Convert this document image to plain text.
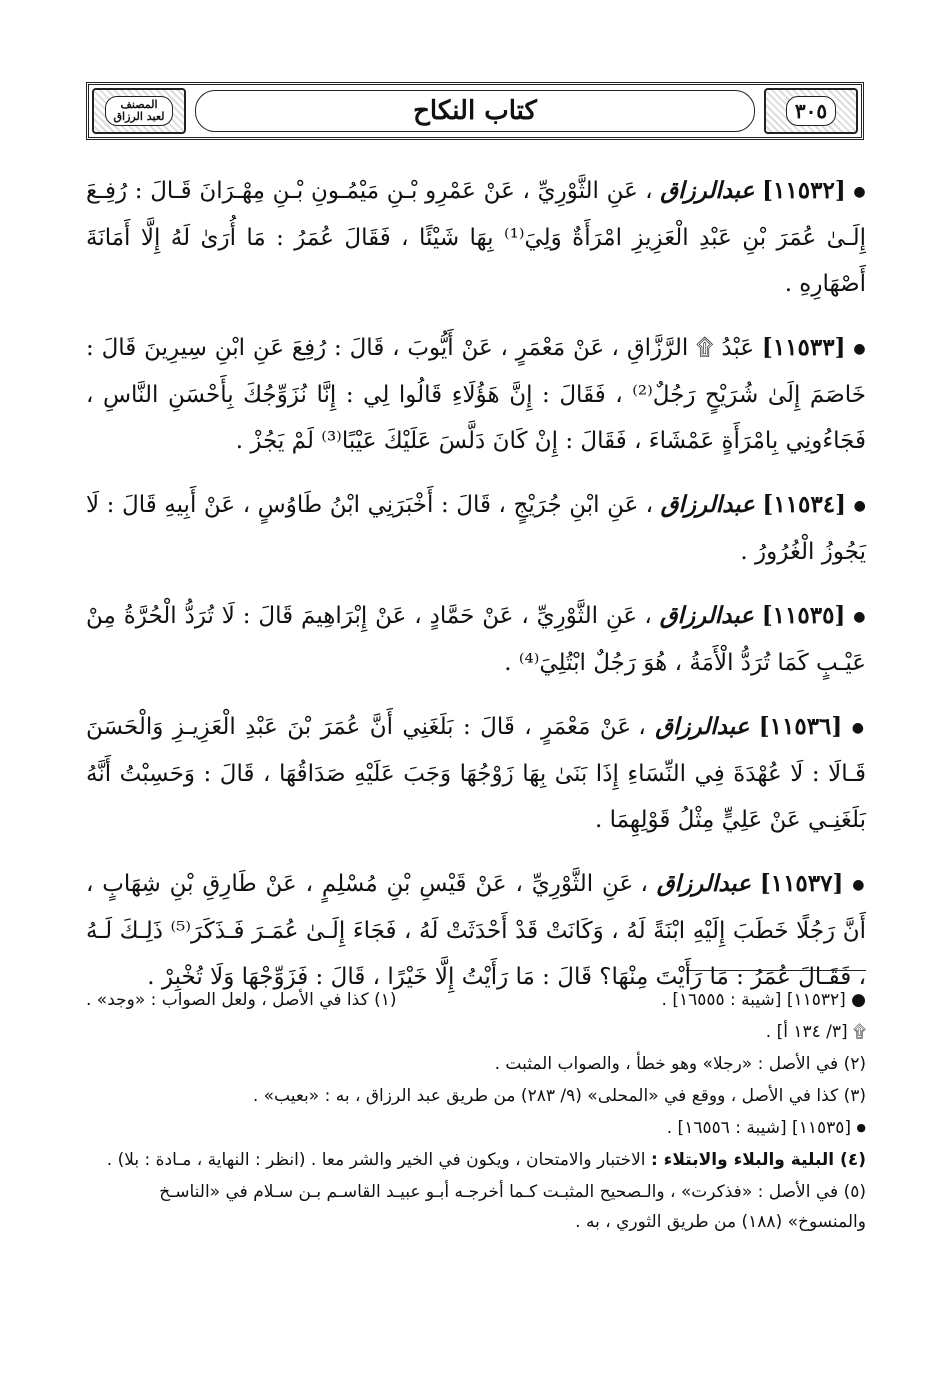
٣٠٥
كتاب النكاح
المصنف
لعبد الرزاق

● [١١٥٣٢] عبدالرزاق ، عَنِ الثَّوْرِيِّ ، عَنْ عَمْرِو بْـنِ مَيْمُـونِ بْـنِ مِهْـرَانَ قَـالَ : رُفِـعَ إِلَـىٰ عُمَرَ بْنِ عَبْدِ الْعَزِيزِ امْرَأَةٌ وَلِيَ⁽¹⁾ بِهَا شَيْئًا ، فَقَالَ عُمَرُ : مَا أُرَىٰ لَهُ إِلَّا أَمَانَةَ أَصْهَارِهِ .

● [١١٥٣٣] عَبْدُ ۩ الرَّزَّاقِ ، عَنْ مَعْمَرٍ ، عَنْ أَيُّوبَ ، قَالَ : رُفِعَ عَنِ ابْنِ سِيرِينَ قَالَ : خَاصَمَ إِلَىٰ شُرَيْحٍ رَجُلٌ⁽²⁾ ، فَقَالَ : إِنَّ هَؤُلَاءِ قَالُوا لِي : إِنَّا نُزَوِّجُكَ بِأَحْسَنِ النَّاسِ ، فَجَاءُونِي بِامْرَأَةٍ عَمْشَاءَ ، فَقَالَ : إِنْ كَانَ دَلَّسَ عَلَيْكَ عَيْبًا⁽³⁾ لَمْ يَجُزْ .

● [١١٥٣٤] عبدالرزاق ، عَنِ ابْنِ جُرَيْجٍ ، قَالَ : أَخْبَرَنِي ابْنُ طَاوُسٍ ، عَنْ أَبِيهِ قَالَ : لَا يَجُوزُ الْغُرُورُ .

● [١١٥٣٥] عبدالرزاق ، عَنِ الثَّوْرِيِّ ، عَنْ حَمَّادٍ ، عَنْ إِبْرَاهِيمَ قَالَ : لَا تُرَدُّ الْحُرَّةُ مِنْ عَيْـبٍ كَمَا تُرَدُّ الْأَمَةُ ، هُوَ رَجُلٌ ابْتُلِيَ⁽⁴⁾ .

● [١١٥٣٦] عبدالرزاق ، عَنْ مَعْمَرٍ ، قَالَ : بَلَغَنِي أَنَّ عُمَرَ بْنَ عَبْدِ الْعَزِيـزِ وَالْحَسَنَ قَـالَا : لَا عُهْدَةَ فِي النِّسَاءِ إِذَا بَنَىٰ بِهَا زَوْجُهَا وَجَبَ عَلَيْهِ صَدَاقُهَا ، قَالَ : وَحَسِبْتُ أَنَّهُ بَلَغَنِـي عَنْ عَلِيٍّ مِثْلُ قَوْلِهِمَا .

● [١١٥٣٧] عبدالرزاق ، عَنِ الثَّوْرِيِّ ، عَنْ قَيْسِ بْنِ مُسْلِمٍ ، عَنْ طَارِقِ بْنِ شِهَابٍ ، أَنَّ رَجُلًا خَطَبَ إِلَيْهِ ابْنَةً لَهُ ، وَكَانَتْ قَدْ أَحْدَثَتْ لَهُ ، فَجَاءَ إِلَـىٰ عُمَـرَ فَـذَكَرَ⁽⁵⁾ ذَلِـكَ لَـهُ ، فَقَـالَ عُمَرُ : مَا رَأَيْتَ مِنْهَا؟ قَالَ : مَا رَأَيْتُ إِلَّا خَيْرًا ، قَالَ : فَزَوِّجْهَا وَلَا تُخْبِرْ .

● [١١٥٣٢] [شيبة : ١٦٥٥٥] .
(١) كذا في الأصل ، ولعل الصواب : «وجد» .
۩ [٣/ ١٣٤ أ] .
(٢) في الأصل : «رجلا» وهو خطأ ، والصواب المثبت .
(٣) كذا في الأصل ، ووقع في «المحلى» (٩/ ٢٨٣) من طريق عبد الرزاق ، به : «بعيب» .
● [١١٥٣٥] [شيبة : ١٦٥٥٦] .
(٤) البلية والبلاء والابتلاء : الاختبار والامتحان ، ويكون في الخير والشر معا . (انظر : النهاية ، مـادة : بلا) .
(٥) في الأصل : «فذكرت» ، والـصحيح المثبـت كـما أخرجـه أبـو عبيـد القاسـم بـن سـلام في «الناسـخ والمنسوخ» (١٨٨) من طريق الثوري ، به .
